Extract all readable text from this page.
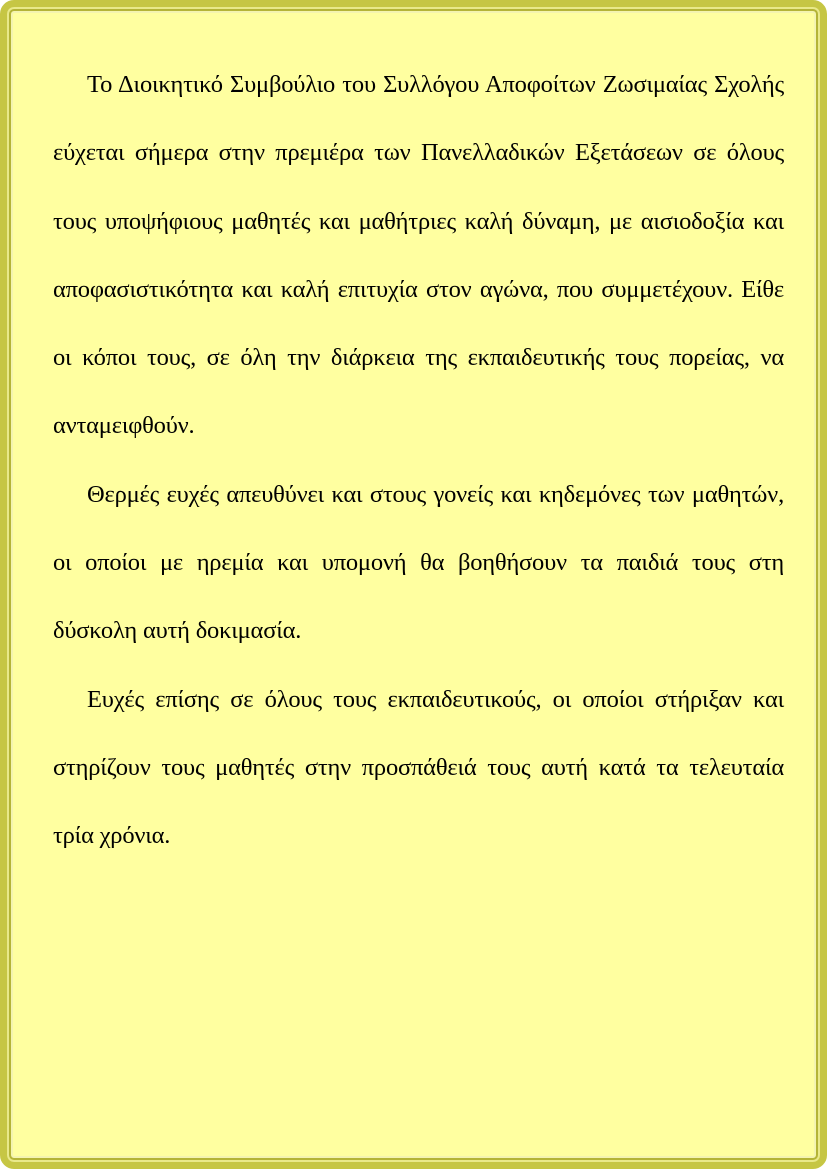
Το Διοικητικό Συμβούλιο του Συλλόγου Αποφοίτων Ζωσιμαίας Σχολής εύχεται σήμερα στην πρεμιέρα των Πανελλαδικών Εξετάσεων σε όλους τους υποψήφιους μαθητές και μαθήτριες καλή δύναμη, με αισιοδοξία και αποφασιστικότητα και καλή επιτυχία στον αγώνα, που συμμετέχουν. Είθε οι κόποι τους, σε όλη την διάρκεια της εκπαιδευτικής τους πορείας, να ανταμειφθούν.

Θερμές ευχές απευθύνει και στους γονείς και κηδεμόνες των μαθητών, οι οποίοι με ηρεμία και υπομονή θα βοηθήσουν τα παιδιά τους στη δύσκολη αυτή δοκιμασία.

Ευχές επίσης σε όλους τους εκπαιδευτικούς, οι οποίοι στήριξαν και στηρίζουν τους μαθητές στην προσπάθειά τους αυτή κατά τα τελευταία τρία χρόνια.
